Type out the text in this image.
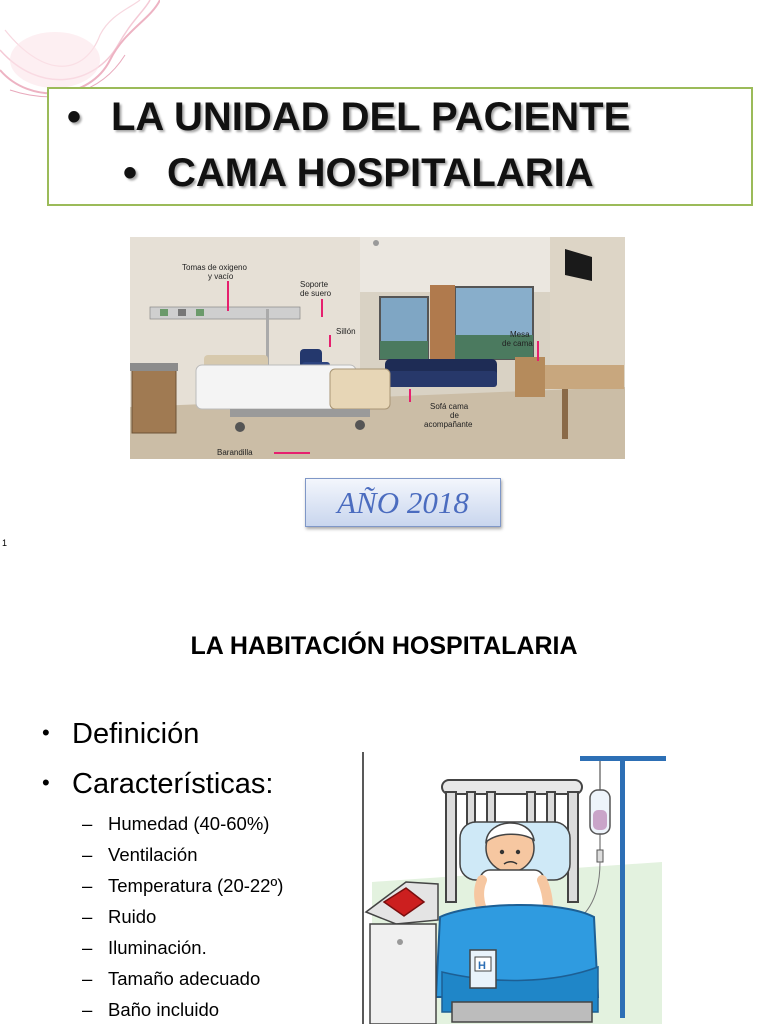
• LA UNIDAD DEL PACIENTE
• CAMA HOSPITALARIA
Tomas de oxigeno
y vacío
Soporte
de suero
Sillón	Mesa
de cama
Sofá cama
de
acompañante
Barandilla
AÑO 2018
1
LA HABITACIÓN HOSPITALARIA
• Definición
• Características:
– Humedad (40-60%)
– Ventilación
– Temperatura (20-22º)
– Ruido
– Iluminación.
– Tamaño adecuado
– Baño incluido
H
